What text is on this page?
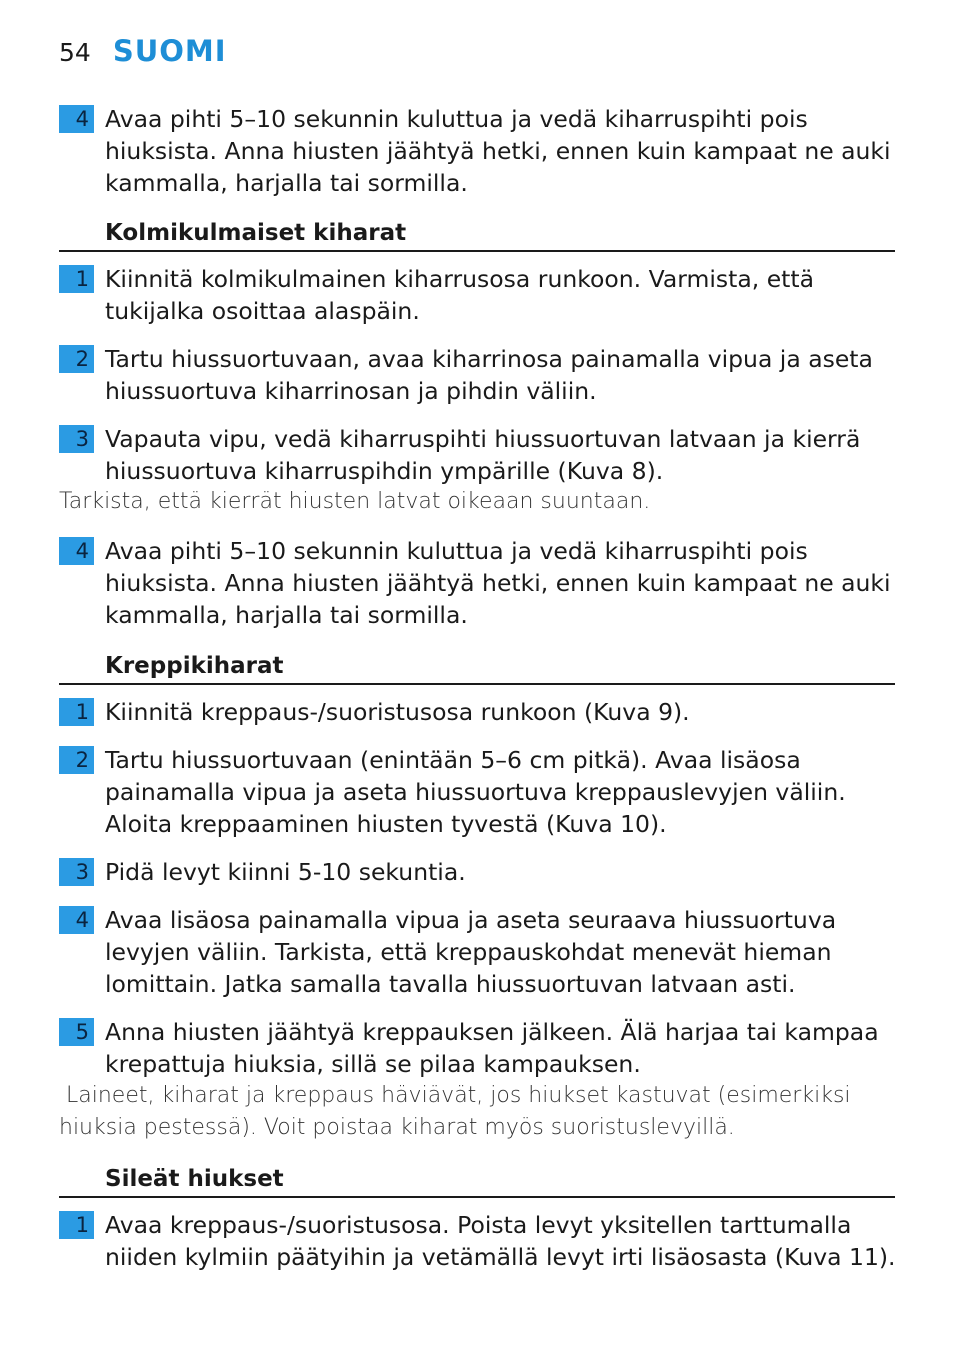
54 SUOMI
4 Avaa pihti 5–10 sekunnin kuluttua ja vedä kiharruspihti pois hiuksista. Anna hiusten jäähtyä hetki, ennen kuin kampaat ne auki kammalla, harjalla tai sormilla.
Kolmikulmaiset kiharat
1 Kiinnitä kolmikulmainen kiharrusosa runkoon. Varmista, että tukijalka osoittaa alaspäin.
2 Tartu hiussuortuvaan, avaa kiharrinosa painamalla vipua ja aseta hiussuortuva kiharrinosan ja pihdin väliin.
3 Vapauta vipu, vedä kiharruspihti hiussuortuvan latvaan ja kierrä hiussuortuva kiharruspihdin ympärille (Kuva 8).
Tarkista, että kierrät hiusten latvat oikeaan suuntaan.
4 Avaa pihti 5–10 sekunnin kuluttua ja vedä kiharruspihti pois hiuksista. Anna hiusten jäähtyä hetki, ennen kuin kampaat ne auki kammalla, harjalla tai sormilla.
Kreppikiharat
1 Kiinnitä kreppaus-/suoristusosa runkoon (Kuva 9).
2 Tartu hiussuortuvaan (enintään 5–6 cm pitkä). Avaa lisäosa painamalla vipua ja aseta hiussuortuva kreppauslevyjen väliin. Aloita kreppaaminen hiusten tyvestä (Kuva 10).
3 Pidä levyt kiinni 5-10 sekuntia.
4 Avaa lisäosa painamalla vipua ja aseta seuraava hiussuortuva levyjen väliin. Tarkista, että kreppauskohdat menevät hieman lomittain. Jatka samalla tavalla hiussuortuvan latvaan asti.
5 Anna hiusten jäähtyä kreppauksen jälkeen. Älä harjaa tai kampaa krepattuja hiuksia, sillä se pilaa kampauksen.
Laineet, kiharat ja kreppaus häviävät, jos hiukset kastuvat (esimerkiksi hiuksia pestessä). Voit poistaa kiharat myös suoristuslevyillä.
Sileät hiukset
1 Avaa kreppaus-/suoristusosa. Poista levyt yksitellen tarttumalla niiden kylmiin päätyihin ja vetämällä levyt irti lisäosasta (Kuva 11).
